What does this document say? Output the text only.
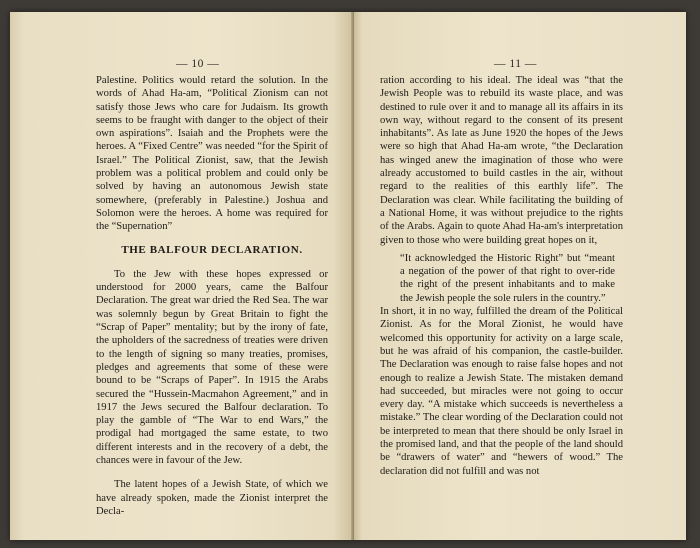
— 10 —

Palestine. Politics would retard the solution. In the words of Ahad Ha-am, “Political Zionism can not satisfy those Jews who care for Judaism. Its growth seems to be fraught with danger to the object of their own aspirations”. Isaiah and the Prophets were the heroes. A “Fixed Centre” was needed “for the Spirit of Israel.” The Political Zionist, saw, that the Jewish problem was a political problem and could only be solved by having an autonomous Jewish state somewhere, (preferably in Palestine.) Joshua and Solomon were the heroes. A home was required for the “Supernation”

THE BALFOUR DECLARATION.

To the Jew with these hopes expressed or understood for 2000 years, came the Balfour Declaration. The great war dried the Red Sea. The war was solemnly begun by Great Britain to fight the “Scrap of Paper” mentality; but by the irony of fate, the upholders of the sacredness of treaties were driven to the length of signing so many treaties, promises, pledges and agreements that some of these were bound to be “Scraps of Paper”. In 1915 the Arabs secured the “Hussein-Macmahon Agreement,” and in 1917 the Jews secured the Balfour declaration. To play the gamble of “The War to end Wars,” the prodigal had mortgaged the same estate, to two different interests and in the recovery of a debt, the chances were in favour of the Jew.

The latent hopes of a Jewish State, of which we have already spoken, made the Zionist interpret the Decla-

— 11 —

ration according to his ideal. The ideal was “that the Jewish People was to rebuild its waste place, and was destined to rule over it and to manage all its affairs in its own way, without regard to the consent of its present inhabitants”. As late as June 1920 the hopes of the Jews were so high that Ahad Ha-am wrote, “the Declaration has winged anew the imagination of those who were already accustomed to build castles in the air, without regard to the realities of this earthly life”. The Declaration was clear. While facilitating the building of a National Home, it was without prejudice to the rights of the Arabs. Again to quote Ahad Ha-am's interpretation given to those who were building great hopes on it,

“It acknowledged the Historic Right” but “meant a negation of the power of that right to over-ride the right of the present inhabitants and to make the Jewish people the sole rulers in the country.”

In short, it in no way, fulfilled the dream of the Political Zionist. As for the Moral Zionist, he would have welcomed this opportunity for activity on a large scale, but he was afraid of his companion, the castle-builder. The Declaration was enough to raise false hopes and not enough to realize a Jewish State. The mistaken demand had succeeded, but miracles were not going to occur every day. “A mistake which succeeds is nevertheless a mistake.” The clear wording of the Declaration could not be interpreted to mean that there should be only Israel in the promised land, and that the people of the land should be “drawers of water” and “hewers of wood.” The declaration did not fulfill and was not
